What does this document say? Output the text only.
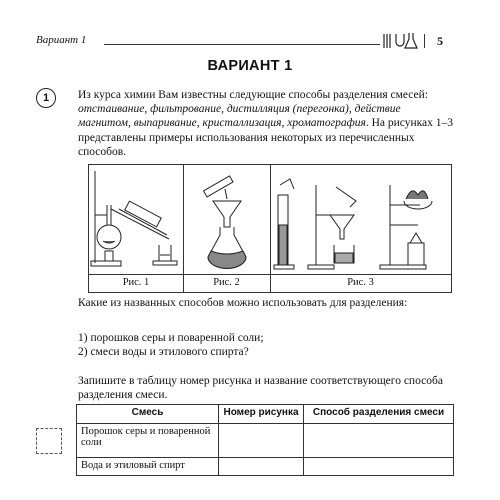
Вариант 1	5
ВАРИАНТ 1
1	Из курса химии Вам известны следующие способы разделения смесей: отстаивание, фильтрование, дистилляция (перегонка), действие магнитом, выпаривание, кристаллизация, хроматография. На рисунках 1–3 представлены примеры использования некоторых из перечисленных способов.
Рис. 1	Рис. 2	Рис. 3
Какие из названных способов можно использовать для разделения:
1) порошков серы и поваренной соли;
2) смеси воды и этилового спирта?
Запишите в таблицу номер рисунка и название соответствующего способа разделения смеси.
Смесь	Номер рисунка	Способ разделения смеси
Порошок серы и поваренной соли		
Вода и этиловый спирт		
